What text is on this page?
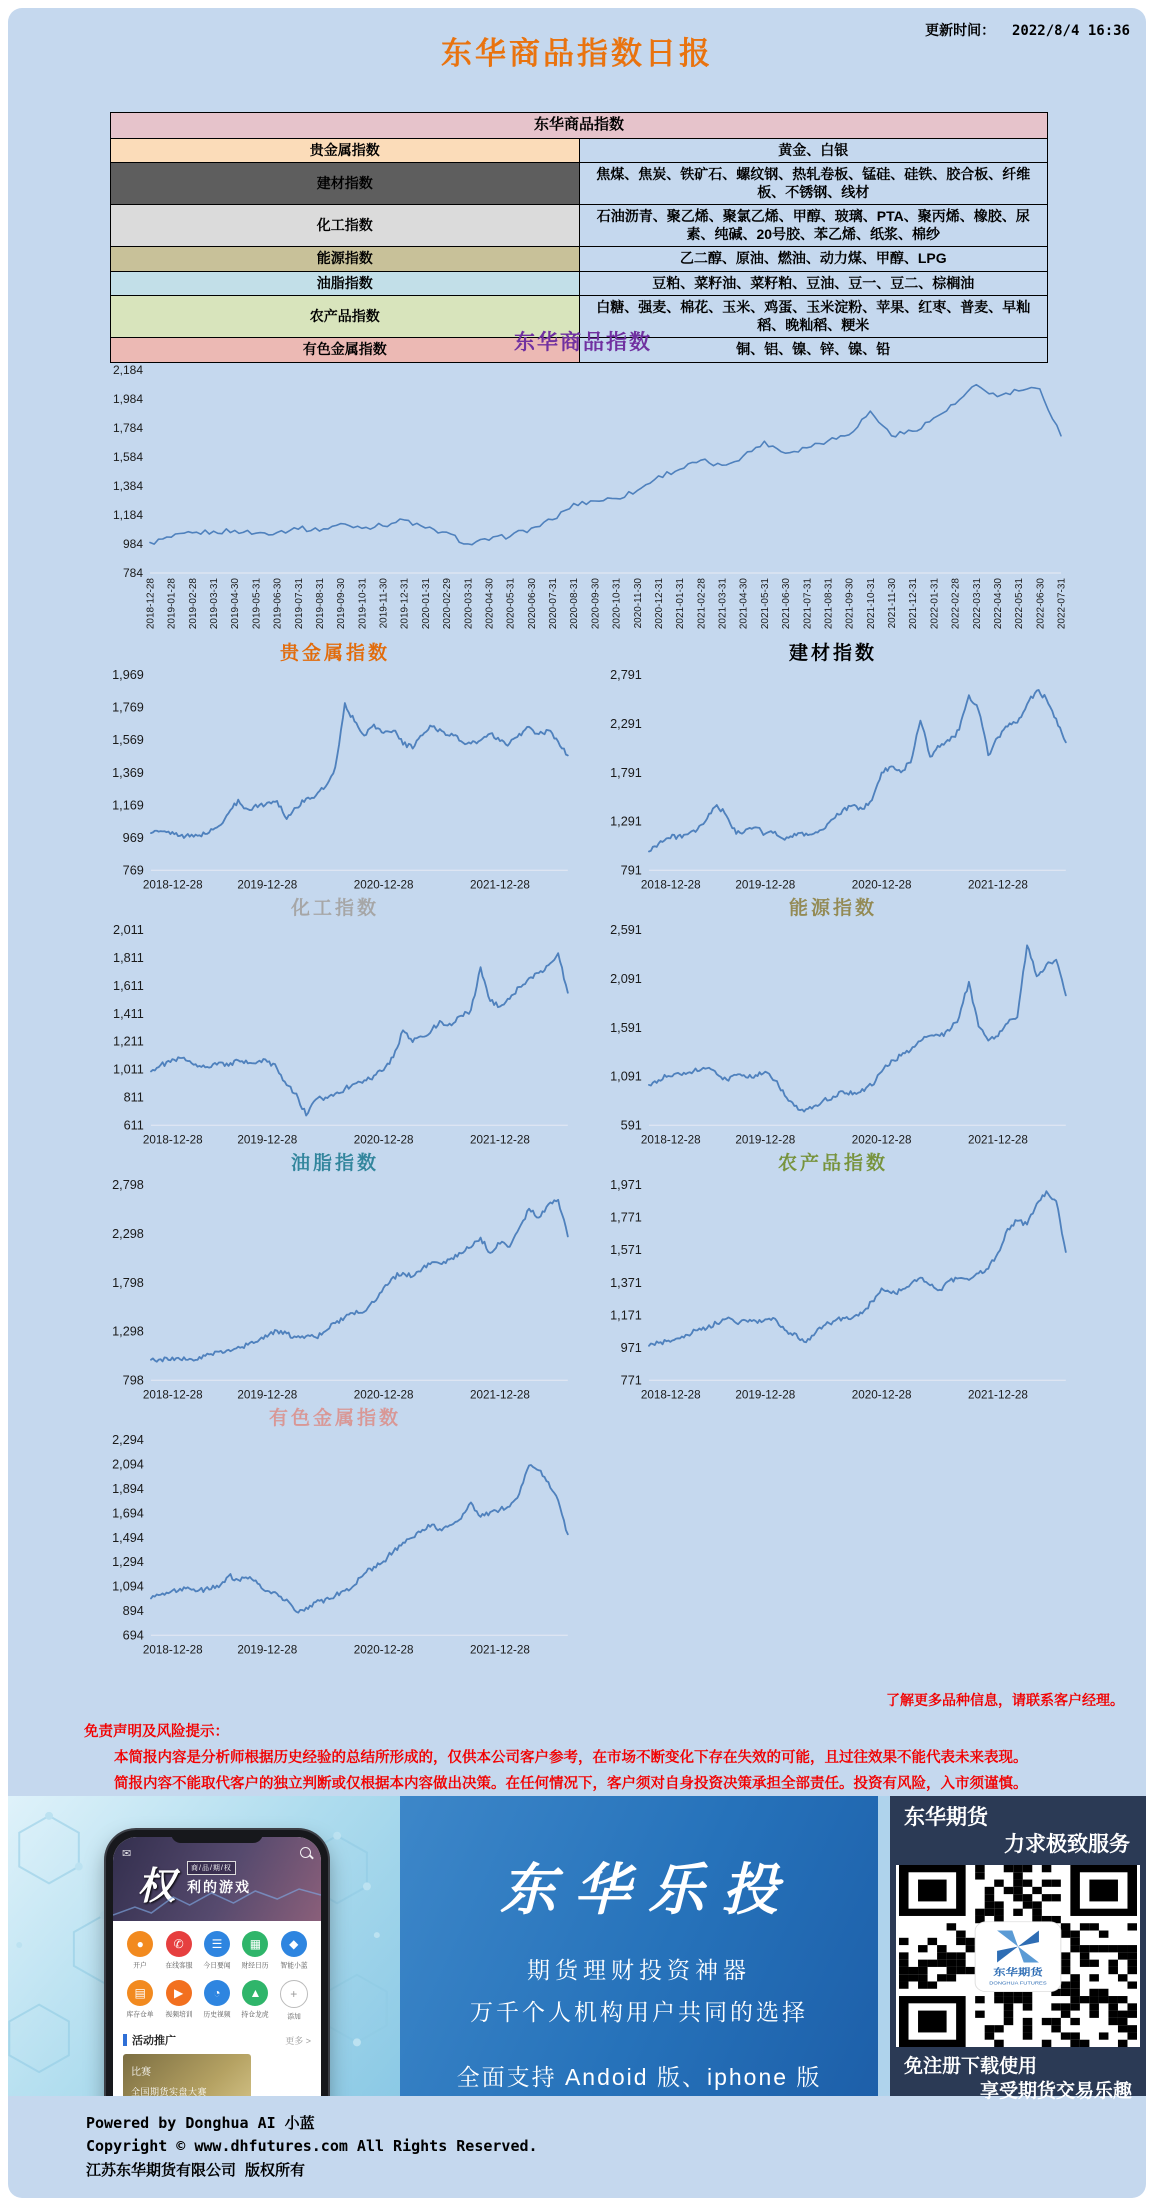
更新时间： 2022/8/4 16:36
东华商品指数日报
东华商品指数	
贵金属指数	黄金、白银
建材指数	焦煤、焦炭、铁矿石、螺纹钢、热轧卷板、锰硅、硅铁、胶合板、纤维板、不锈钢、线材
化工指数	石油沥青、聚乙烯、聚氯乙烯、甲醇、玻璃、PTA、聚丙烯、橡胶、尿素、纯碱、20号胶、苯乙烯、纸浆、棉纱
能源指数	乙二醇、原油、燃油、动力煤、甲醇、LPG
油脂指数	豆粕、菜籽油、菜籽粕、豆油、豆一、豆二、棕榈油
农产品指数	白糖、强麦、棉花、玉米、鸡蛋、玉米淀粉、苹果、红枣、普麦、早籼稻、晚籼稻、粳米
有色金属指数	铜、铝、镍、锌、镍、铅
东华商品指数
2,184
1,984
1,784
1,584
1,384
1,184
984
784
2018-12-28 2019-01-28 2019-02-28 2019-03-31 2019-04-30 2019-05-31 2019-06-30 2019-07-31 2019-08-31 2019-09-30 2019-10-31 2019-11-30 2019-12-31 2020-01-31 2020-02-29 2020-03-31 2020-04-30 2020-05-31 2020-06-30 2020-07-31 2020-08-31 2020-09-30 2020-10-31 2020-11-30 2020-12-31 2021-01-31 2021-02-28 2021-03-31 2021-04-30 2021-05-31 2021-06-30 2021-07-31 2021-08-31 2021-09-30 2021-10-31 2021-11-30 2021-12-31 2022-01-31 2022-02-28 2022-03-31 2022-04-30 2022-05-31 2022-06-30 2022-07-31
贵金属指数
1,969
1,769
1,569
1,369
1,169
969
769
2018-12-28	2019-12-28	2020-12-28	2021-12-28
建材指数
2,791
2,291
1,791
1,291
791
2018-12-28	2019-12-28	2020-12-28	2021-12-28
化工指数
2,011
1,811
1,611
1,411
1,211
1,011
811
611
2018-12-28	2019-12-28	2020-12-28	2021-12-28
能源指数
2,591
2,091
1,591
1,091
591
2018-12-28	2019-12-28	2020-12-28	2021-12-28
油脂指数
2,798
2,298
1,798
1,298
798
2018-12-28	2019-12-28	2020-12-28	2021-12-28
农产品指数
1,971
1,771
1,571
1,371
1,171
971
771
2018-12-28	2019-12-28	2020-12-28	2021-12-28
有色金属指数
2,294
2,094
1,894
1,694
1,494
1,294
1,094
894
694
2018-12-28	2019-12-28	2020-12-28	2021-12-28
了解更多品种信息，请联系客户经理。
免责声明及风险提示：

本简报内容是分析师根据历史经验的总结所形成的，仅供本公司客户参考，在市场不断变化下存在失效的可能，且过往效果不能代表未来表现。

简报内容不能取代客户的独立判断或仅根据本内容做出决策。在任何情况下，客户须对自身投资决策承担全部责任。投资有风险，入市须谨慎。

✉
权	商/品/期/权
利的游戏
●
开户
✆
在线客服
☰
今日要闻
▦
财经日历
◆
智能小蓝
▤
库存仓单
▶
视频培训
◔
历史视频
▲
持仓龙虎
+
添加
活动推广	更多 >
比赛
全国期货实盘大赛
东华乐投
期货理财投资神器
万千个人机构用户共同的选择
全面支持 Andoid 版、iphone 版
东华期货
力求极致服务
东华期货
DONGHUA FUTURES
免注册下载使用
享受期货交易乐趣
Powered by Donghua AI 小蓝
Copyright © www.dhfutures.com All Rights Reserved.
江苏东华期货有限公司 版权所有
